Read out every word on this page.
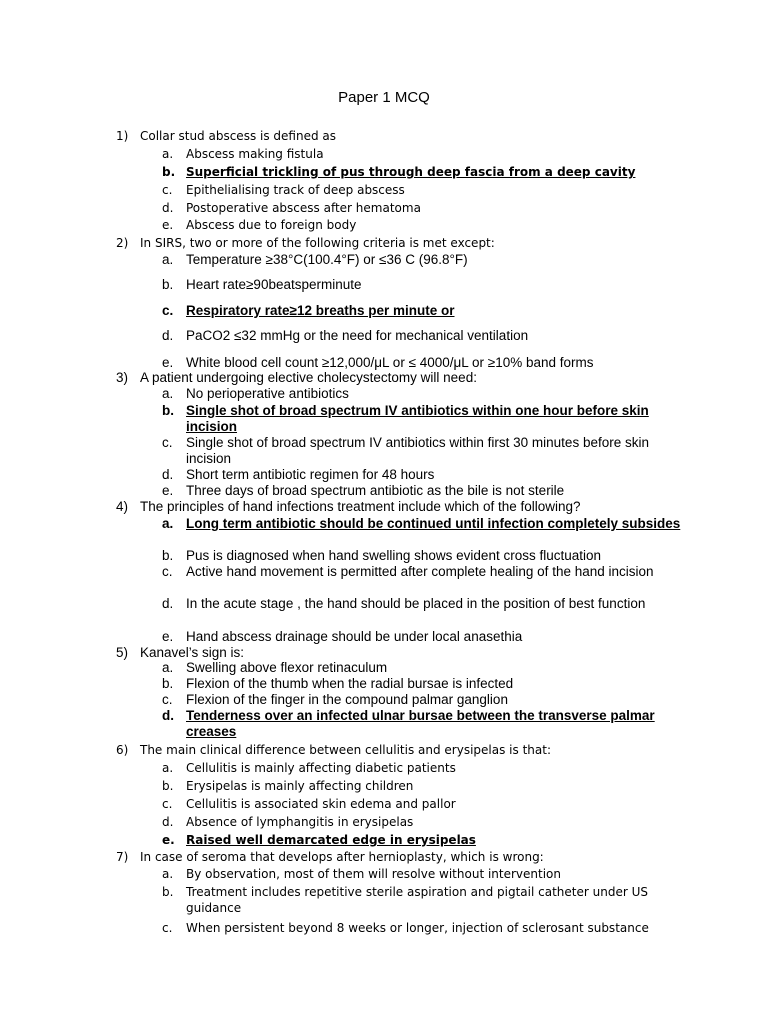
Paper 1 MCQ
1) Collar stud abscess is defined as
a.	Abscess making fistula
b. Superficial trickling of pus through deep fascia from a deep cavity
c.	Epithelialising track of deep abscess
d.	Postoperative abscess after hematoma
e.	Abscess due to foreign body
2) In SIRS, two or more of the following criteria is met except:
a. Temperature ≥38°C(100.4°F) or ≤36 C (96.8°F)
b. Heart rate≥90beatsperminute
c. Respiratory rate≥12 breaths per minute or
d. PaCO2 ≤32 mmHg or the need for mechanical ventilation
e. White blood cell count ≥12,000/μL or ≤ 4000/μL or ≥10% band forms
3) A patient undergoing elective cholecystectomy will need:
a. No perioperative antibiotics
b. Single shot of broad spectrum IV antibiotics within one hour before skin incision
c. Single shot of broad spectrum IV antibiotics within first 30 minutes before skin incision
d. Short term antibiotic regimen for 48 hours
e. Three days of broad spectrum antibiotic as the bile is not sterile
4) The principles of hand infections treatment include which of the following?
a. Long term antibiotic should be continued until infection completely subsides
b. Pus is diagnosed when hand swelling shows evident cross fluctuation
c. Active hand movement is permitted after complete healing of the hand incision
d. In the acute stage , the hand should be placed in the position of best function
e. Hand abscess drainage should be under local anasethia
5) Kanavel’s sign is:
a. Swelling above flexor retinaculum
b. Flexion of the thumb when the radial bursae is infected
c. Flexion of the finger in the compound palmar ganglion
d. Tenderness over an infected ulnar bursae between the transverse palmar creases
6) The main clinical difference between cellulitis and erysipelas is that:
a.	Cellulitis is mainly affecting diabetic patients
b.	Erysipelas is mainly affecting children
c.	Cellulitis is associated skin edema and pallor
d.	Absence of lymphangitis in erysipelas
e. Raised well demarcated edge in erysipelas
7) In case of seroma that develops after hernioplasty, which is wrong:
a.	By observation, most of them will resolve without intervention
b.	Treatment includes repetitive sterile aspiration and pigtail catheter under US guidance
c.	When persistent beyond 8 weeks or longer, injection of sclerosant substance
